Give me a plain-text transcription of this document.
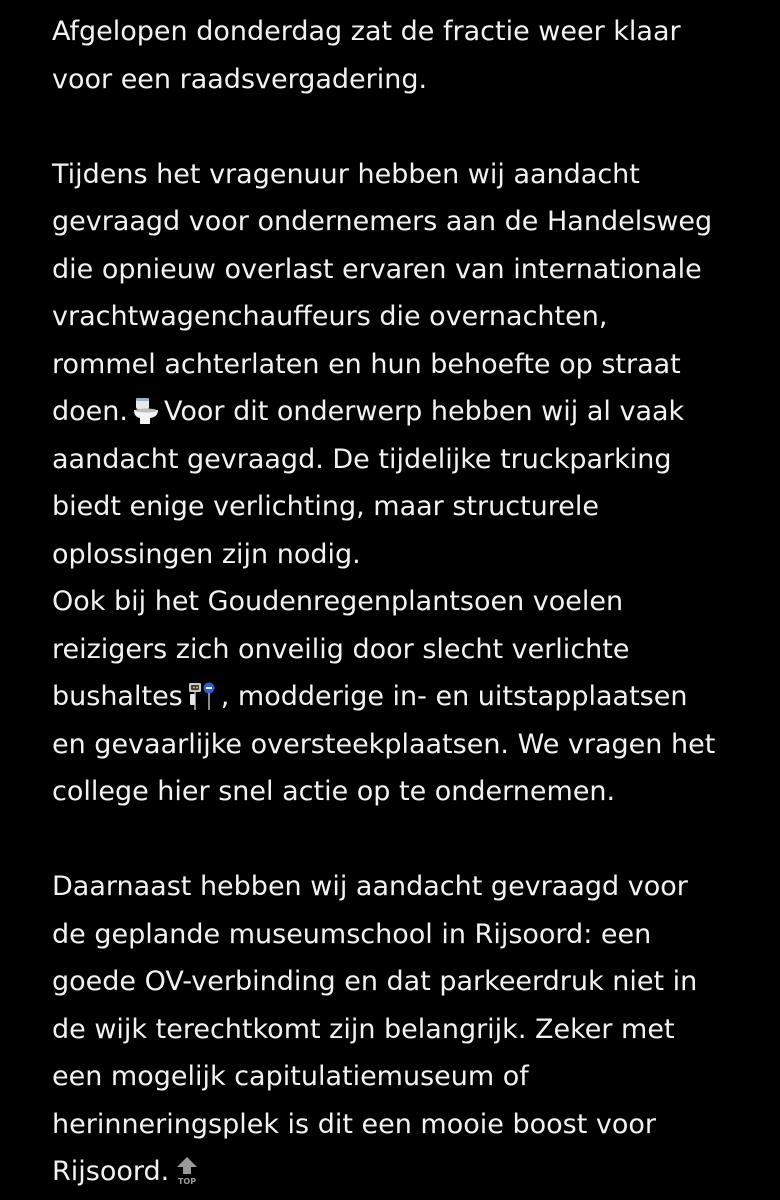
Afgelopen donderdag zat de fractie weer klaar
voor een raadsvergadering.
Tijdens het vragenuur hebben wij aandacht
gevraagd voor ondernemers aan de Handelsweg
die opnieuw overlast ervaren van internationale
vrachtwagenchauffeurs die overnachten,
rommel achterlaten en hun behoefte op straat
doen. Voor dit onderwerp hebben wij al vaak
aandacht gevraagd. De tijdelijke truckparking
biedt enige verlichting, maar structurele
oplossingen zijn nodig.
Ook bij het Goudenregenplantsoen voelen
reizigers zich onveilig door slecht verlichte
bushaltes , modderige in- en uitstapplaatsen
en gevaarlijke oversteekplaatsen. We vragen het
college hier snel actie op te ondernemen.
Daarnaast hebben wij aandacht gevraagd voor
de geplande museumschool in Rijsoord: een
goede OV-verbinding en dat parkeerdruk niet in
de wijk terechtkomt zijn belangrijk. Zeker met
een mogelijk capitulatiemuseum of
herinneringsplek is dit een mooie boost voor
Rijsoord. TOP
